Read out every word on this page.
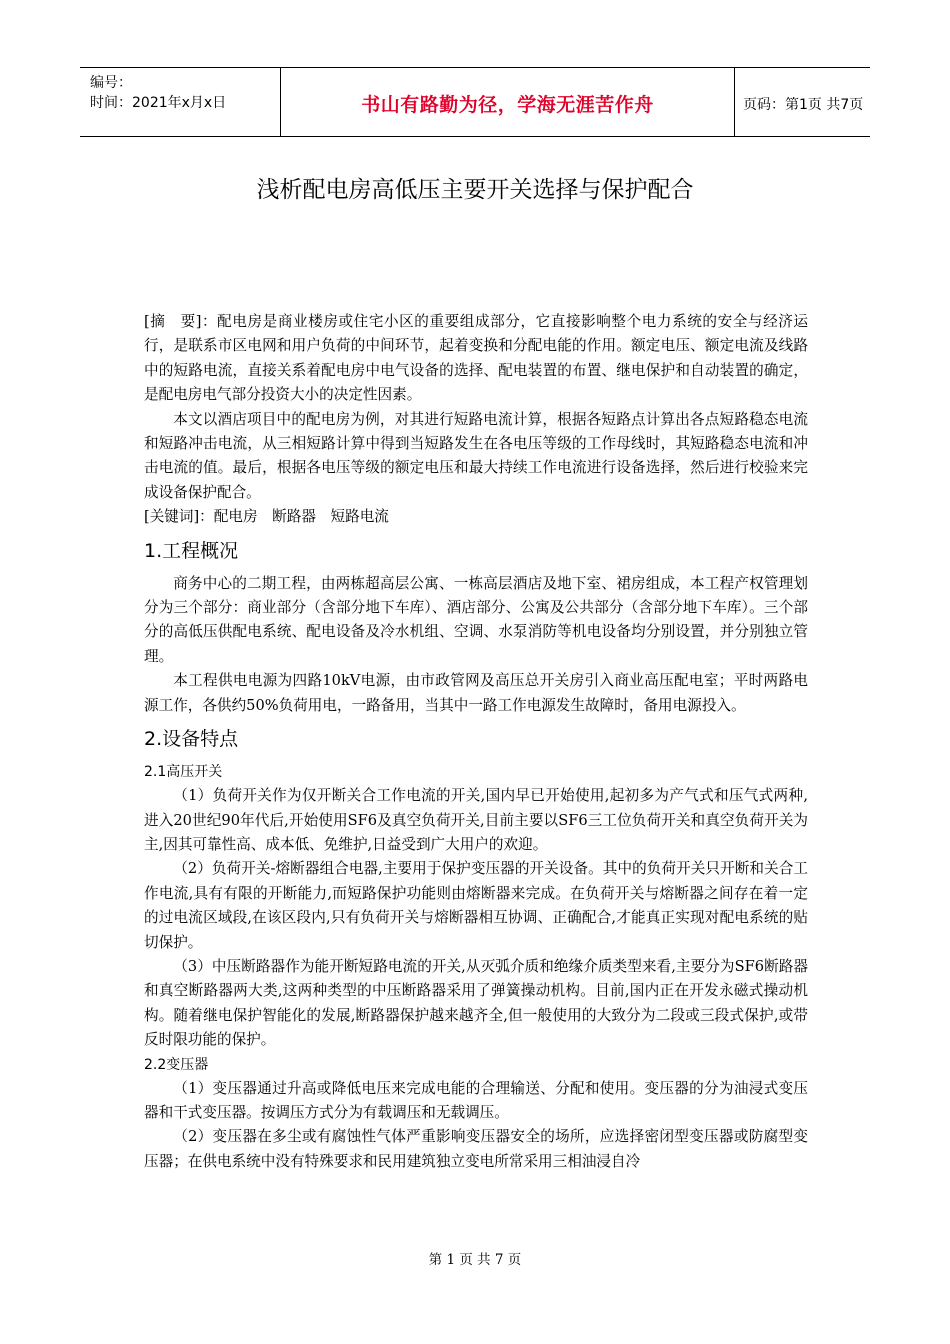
编号：
时间：2021年x月x日	书山有路勤为径，学海无涯苦作舟	页码：第1页 共7页
浅析配电房高低压主要开关选择与保护配合

[摘　要]：配电房是商业楼房或住宅小区的重要组成部分，它直接影响整个电力系统的安全与经济运行，是联系市区电网和用户负荷的中间环节，起着变换和分配电能的作用。额定电压、额定电流及线路中的短路电流，直接关系着配电房中电气设备的选择、配电装置的布置、继电保护和自动装置的确定，是配电房电气部分投资大小的决定性因素。

本文以酒店项目中的配电房为例，对其进行短路电流计算，根据各短路点计算出各点短路稳态电流和短路冲击电流，从三相短路计算中得到当短路发生在各电压等级的工作母线时，其短路稳态电流和冲击电流的值。最后，根据各电压等级的额定电压和最大持续工作电流进行设备选择，然后进行校验来完成设备保护配合。

[关键词]：配电房　断路器　短路电流

1.工程概况

商务中心的二期工程，由两栋超高层公寓、一栋高层酒店及地下室、裙房组成，本工程产权管理划分为三个部分：商业部分（含部分地下车库）、酒店部分、公寓及公共部分（含部分地下车库）。三个部分的高低压供配电系统、配电设备及冷水机组、空调、水泵消防等机电设备均分别设置，并分别独立管理。

本工程供电电源为四路10kV电源，由市政管网及高压总开关房引入商业高压配电室；平时两路电源工作，各供约50%负荷用电，一路备用，当其中一路工作电源发生故障时，备用电源投入。

2.设备特点
2.1高压开关

（1）负荷开关作为仅开断关合工作电流的开关,国内早已开始使用,起初多为产气式和压气式两种,进入20世纪90年代后,开始使用SF6及真空负荷开关,目前主要以SF6三工位负荷开关和真空负荷开关为主,因其可靠性高、成本低、免维护,日益受到广大用户的欢迎。

（2）负荷开关-熔断器组合电器,主要用于保护变压器的开关设备。其中的负荷开关只开断和关合工作电流,具有有限的开断能力,而短路保护功能则由熔断器来完成。在负荷开关与熔断器之间存在着一定的过电流区域段,在该区段内,只有负荷开关与熔断器相互协调、正确配合,才能真正实现对配电系统的贴切保护。

（3）中压断路器作为能开断短路电流的开关,从灭弧介质和绝缘介质类型来看,主要分为SF6断路器和真空断路器两大类,这两种类型的中压断路器采用了弹簧操动机构。目前,国内正在开发永磁式操动机构。随着继电保护智能化的发展,断路器保护越来越齐全,但一般使用的大致分为二段或三段式保护,或带反时限功能的保护。

2.2变压器

（1）变压器通过升高或降低电压来完成电能的合理输送、分配和使用。变压器的分为油浸式变压器和干式变压器。按调压方式分为有载调压和无载调压。

（2）变压器在多尘或有腐蚀性气体严重影响变压器安全的场所，应选择密闭型变压器或防腐型变压器；在供电系统中没有特殊要求和民用建筑独立变电所常采用三相油浸自冷

第 1 页 共 7 页
